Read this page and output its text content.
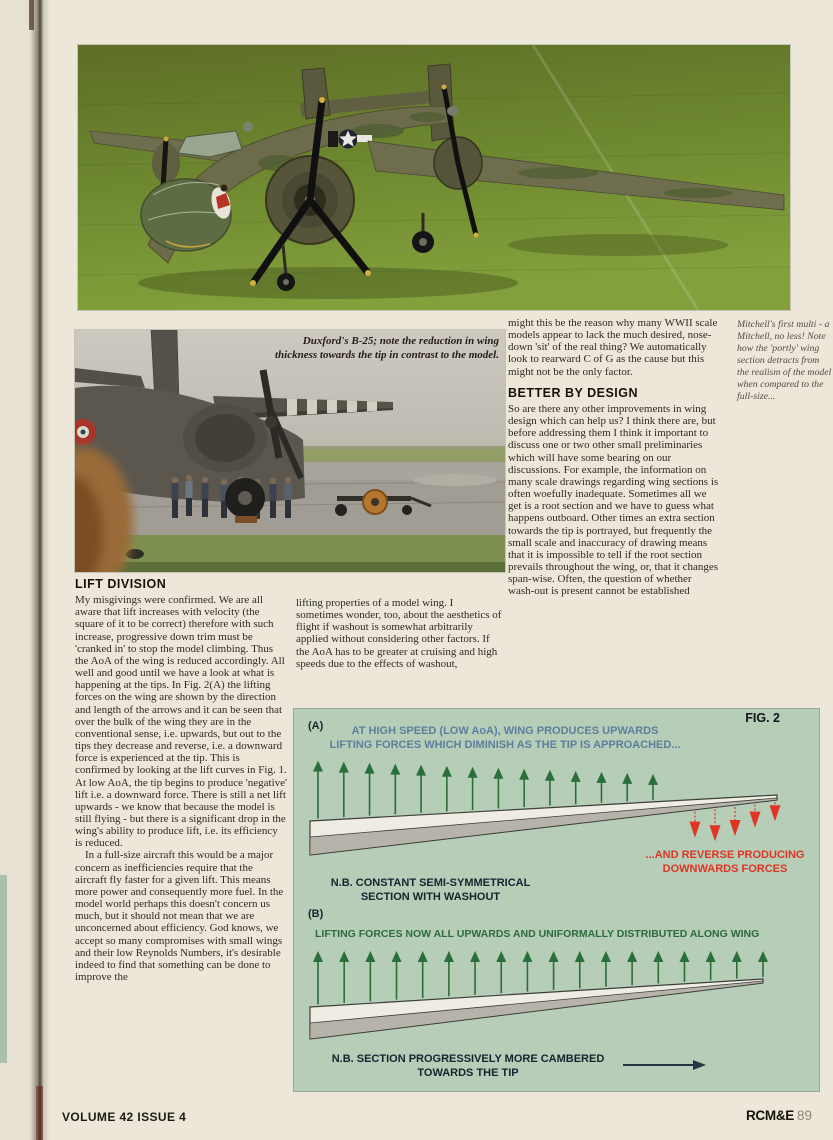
Duxford's B-25; note the reduction in wing thickness towards the tip in contrast to the model.
Mitchell's first multi - a Mitchell, no less! Note how the 'portly' wing section detracts from the realism of the model when compared to the full-size...

might this be the reason why many WWII scale models appear to lack the much desired, nose-down 'sit' of the real thing? We automatically look to rearward C of G as the cause but this might not be the only factor.

BETTER BY DESIGN

So are there any other improvements in wing design which can help us? I think there are, but before addressing them I think it important to discuss one or two other small preliminaries which will have some bearing on our discussions. For example, the information on many scale drawings regarding wing sections is often woefully inadequate. Sometimes all we get is a root section and we have to guess what happens outboard. Other times an extra section towards the tip is portrayed, but frequently the small scale and inaccuracy of drawing means that it is impossible to tell if the root section prevails throughout the wing, or, that it changes span-wise. Often, the question of whether wash-out is present cannot be established

LIFT DIVISION

My misgivings were confirmed. We are all aware that lift increases with velocity (the square of it to be correct) therefore with such increase, progressive down trim must be 'cranked in' to stop the model climbing. Thus the AoA of the wing is reduced accordingly. All well and good until we have a look at what is happening at the tips. In Fig. 2(A) the lifting forces on the wing are shown by the direction and length of the arrows and it can be seen that over the bulk of the wing they are in the conventional sense, i.e. upwards, but out to the tips they decrease and reverse, i.e. a downward force is experienced at the tip. This is confirmed by looking at the lift curves in Fig. 1. At low AoA, the tip begins to produce 'negative' lift i.e. a downward force. There is still a net lift upwards - we know that because the model is still flying - but there is a significant drop in the wing's ability to produce lift, i.e. its efficiency is reduced.

In a full-size aircraft this would be a major concern as inefficiencies require that the aircraft fly faster for a given lift. This means more power and consequently more fuel. In the model world perhaps this doesn't concern us much, but it should not mean that we are unconcerned about efficiency. God knows, we accept so many compromises with small wings and their low Reynolds Numbers, it's desirable indeed to find that something can be done to improve the

lifting properties of a model wing. I sometimes wonder, too, about the aesthetics of flight if washout is somewhat arbitrarily applied without considering other factors. If the AoA has to be greater at cruising and high speeds due to the effects of washout,

FIG. 2
(A)	AT HIGH SPEED (LOW AoA), WING PRODUCES UPWARDS
LIFTING FORCES WHICH DIMINISH AS THE TIP IS APPROACHED...
...AND REVERSE PRODUCING
DOWNWARDS FORCES
N.B. CONSTANT SEMI-SYMMETRICAL
SECTION WITH WASHOUT
(B)
LIFTING FORCES NOW ALL UPWARDS AND UNIFORMALLY DISTRIBUTED ALONG WING
N.B. SECTION PROGRESSIVELY MORE CAMBERED
TOWARDS THE TIP
VOLUME 42 ISSUE 4	RCM&E 89
